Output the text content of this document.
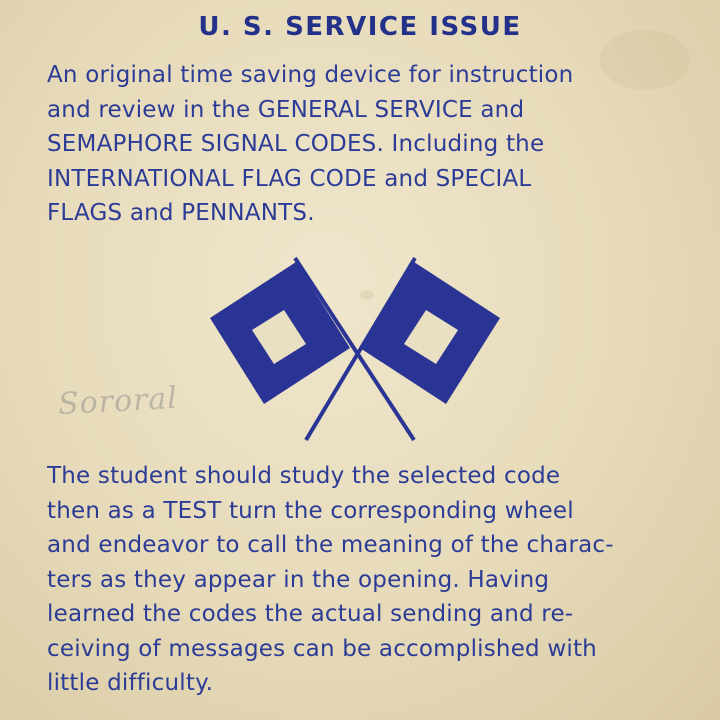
U. S. SERVICE ISSUE
An original time saving device for instruction
and review in the GENERAL SERVICE and
SEMAPHORE SIGNAL CODES. Including the
INTERNATIONAL FLAG CODE and SPECIAL
FLAGS and PENNANTS.
Sororal
The student should study the selected code
then as a TEST turn the corresponding wheel
and endeavor to call the meaning of the charac-
ters as they appear in the opening. Having
learned the codes the actual sending and re-
ceiving of messages can be accomplished with
little difficulty.
